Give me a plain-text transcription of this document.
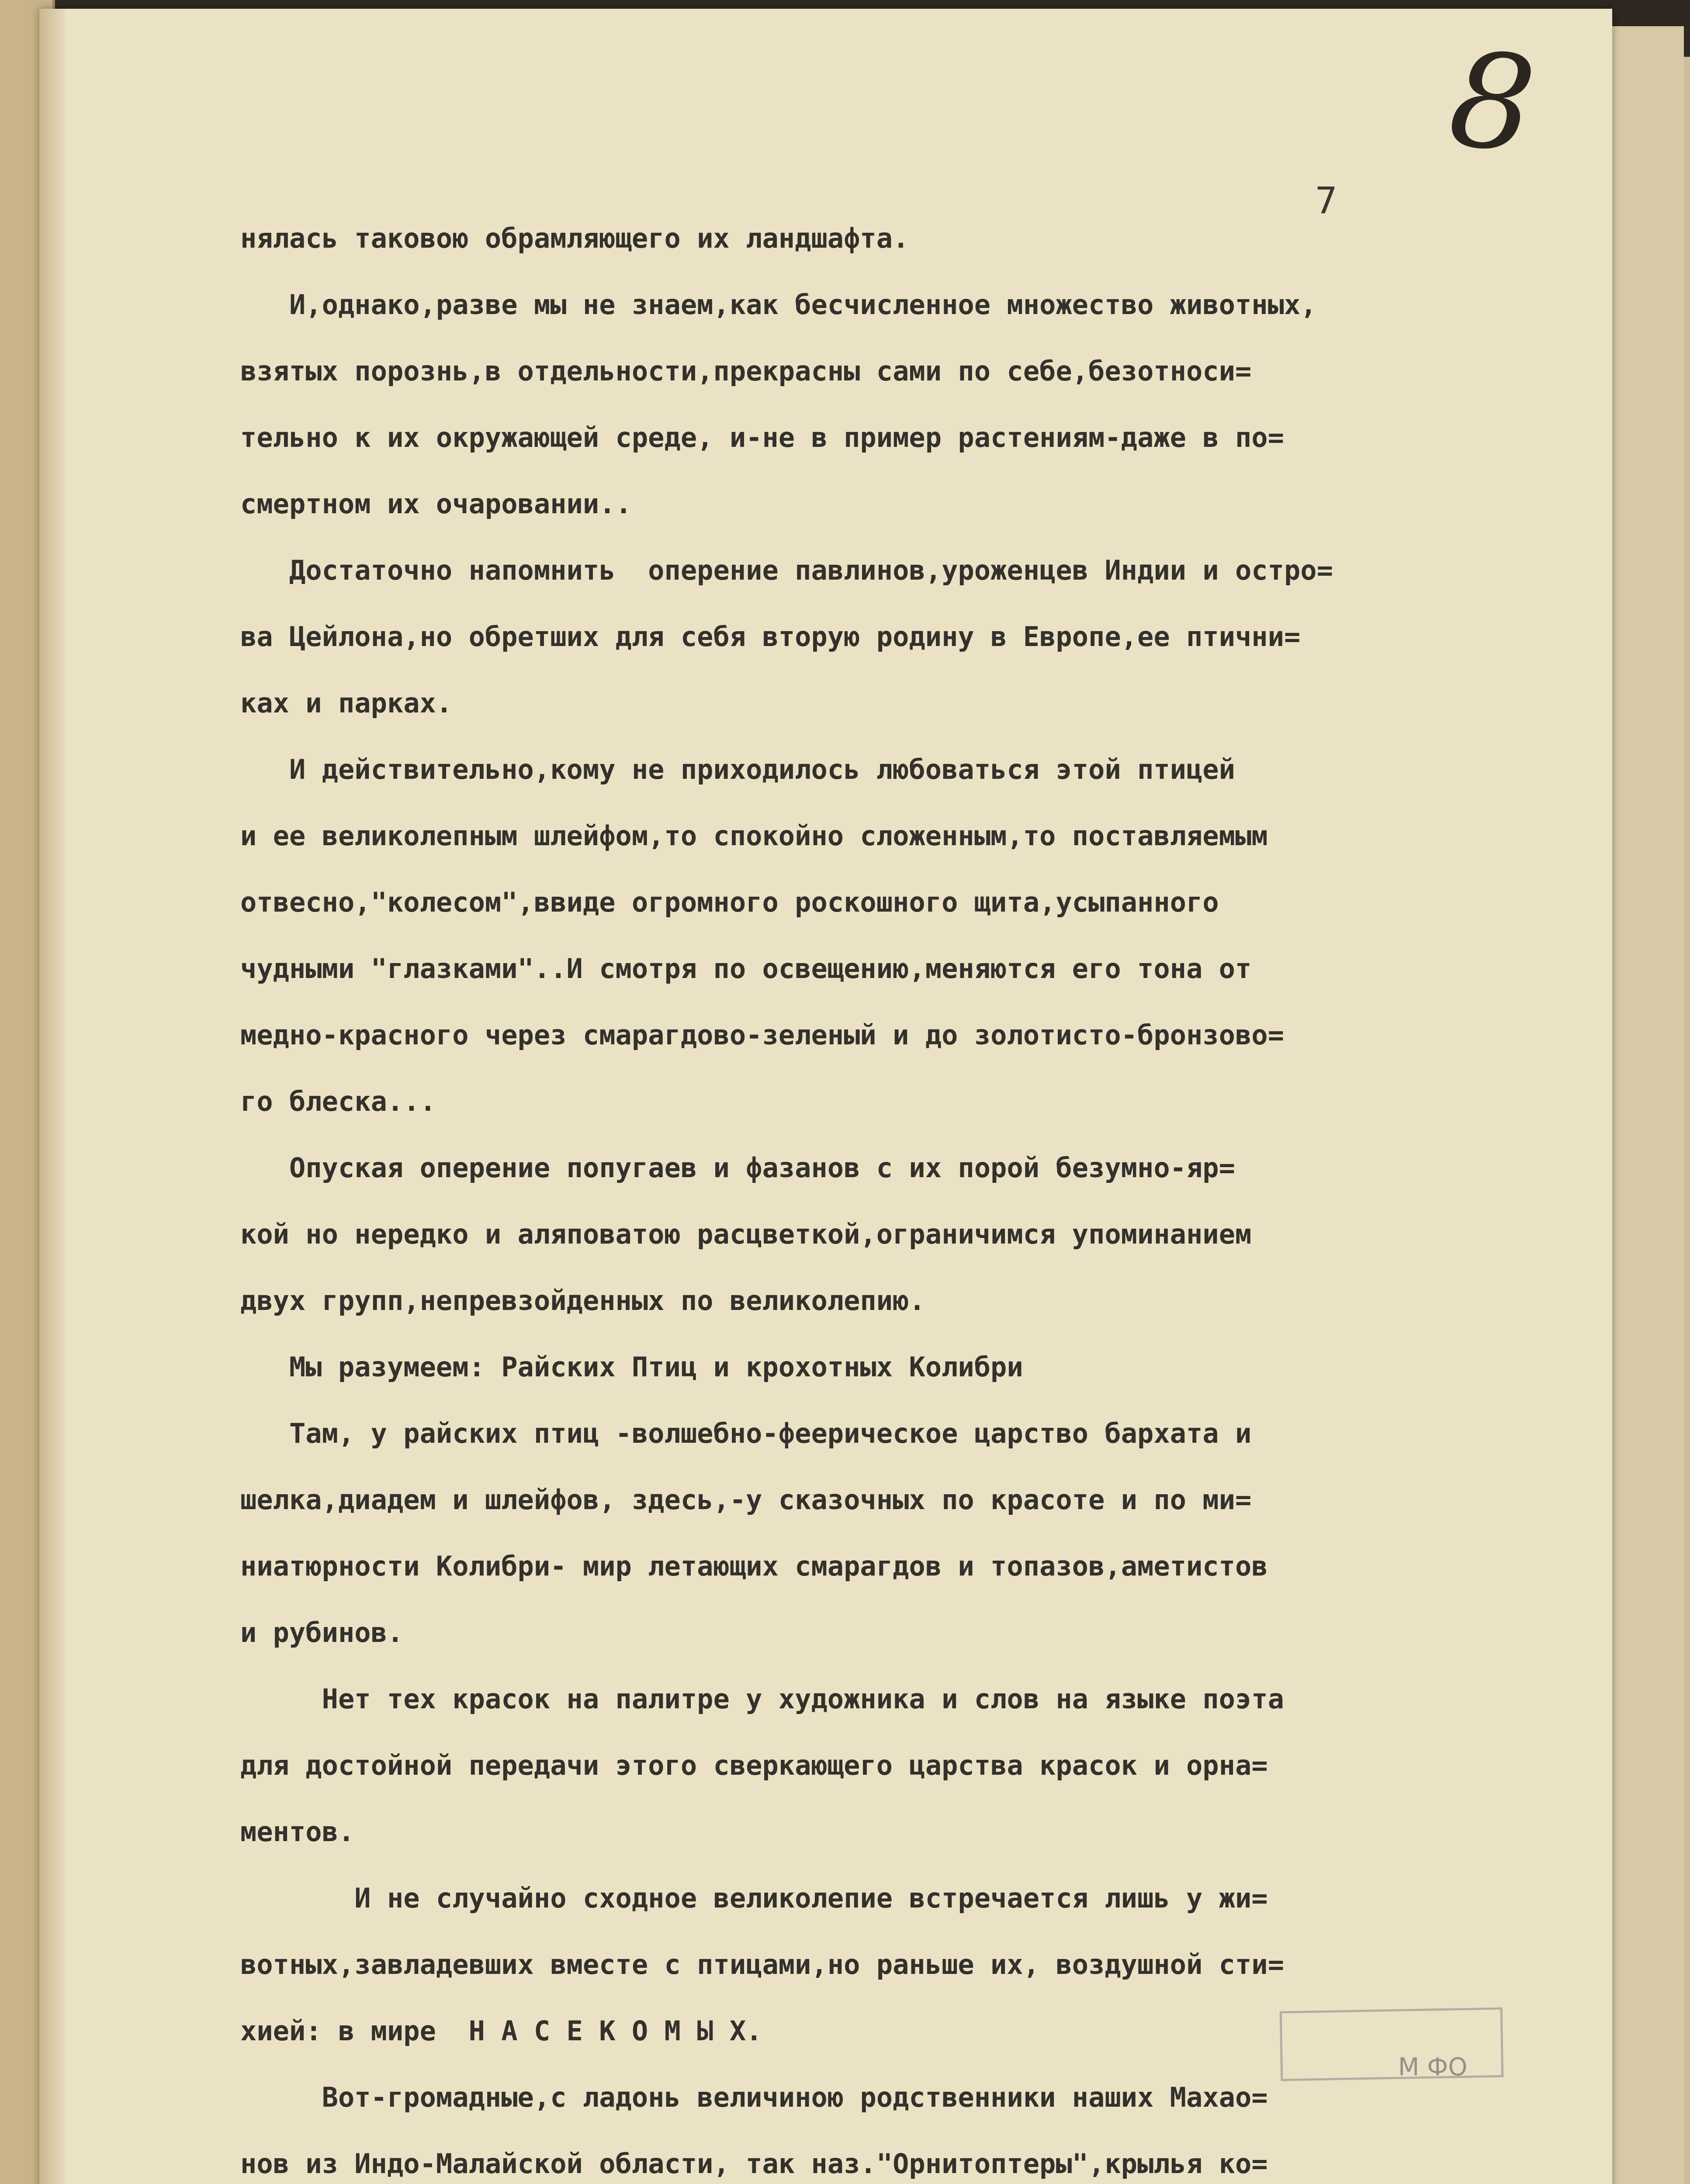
8
7
нялась таковою обрамляющего их ландшафта.
И,однако,разве мы не знаем,как бесчисленное множество животных,
взятых порознь,в отдельности,прекрасны сами по себе,безотноси=
тельно к их окружающей среде, и-не в пример растениям-даже в по=
смертном их очаровании..
Достаточно напомнить  оперение павлинов,уроженцев Индии и остро=
ва Цейлона,но обретших для себя вторую родину в Европе,ее птични=
ках и парках.
И действительно,кому не приходилось любоваться этой птицей
и ее великолепным шлейфом,то спокойно сложенным,то поставляемым
отвесно,"колесом",ввиде огромного роскошного щита,усыпанного
чудными "глазками"..И смотря по освещению,меняются его тона от
медно-красного через смарагдово-зеленый и до золотисто-бронзово=
го блеска...
Опуская оперение попугаев и фазанов с их порой безумно-яр=
кой но нередко и аляповатою расцветкой,ограничимся упоминанием
двух групп,непревзойденных по великолепию.
Мы разумеем: Райских Птиц и крохотных Колибри
Там, у райских птиц -волшебно-феерическое царство бархата и
шелка,диадем и шлейфов, здесь,-у сказочных по красоте и по ми=
ниатюрности Колибри- мир летающих смарагдов и топазов,аметистов
и рубинов.
Нет тех красок на палитре у художника и слов на языке поэта
для достойной передачи этого сверкающего царства красок и орна=
ментов.
И не случайно сходное великолепие встречается лишь у жи=
вотных,завладевших вместе с птицами,но раньше их, воздушной сти=
хией: в мире  Н А С Е К О М Ы Х.
Вот-громадные,с ладонь величиною родственники наших Махао=
нов из Индо-Малайской области, так наз."Орнитоптеры",крылья ко=
М ФО
